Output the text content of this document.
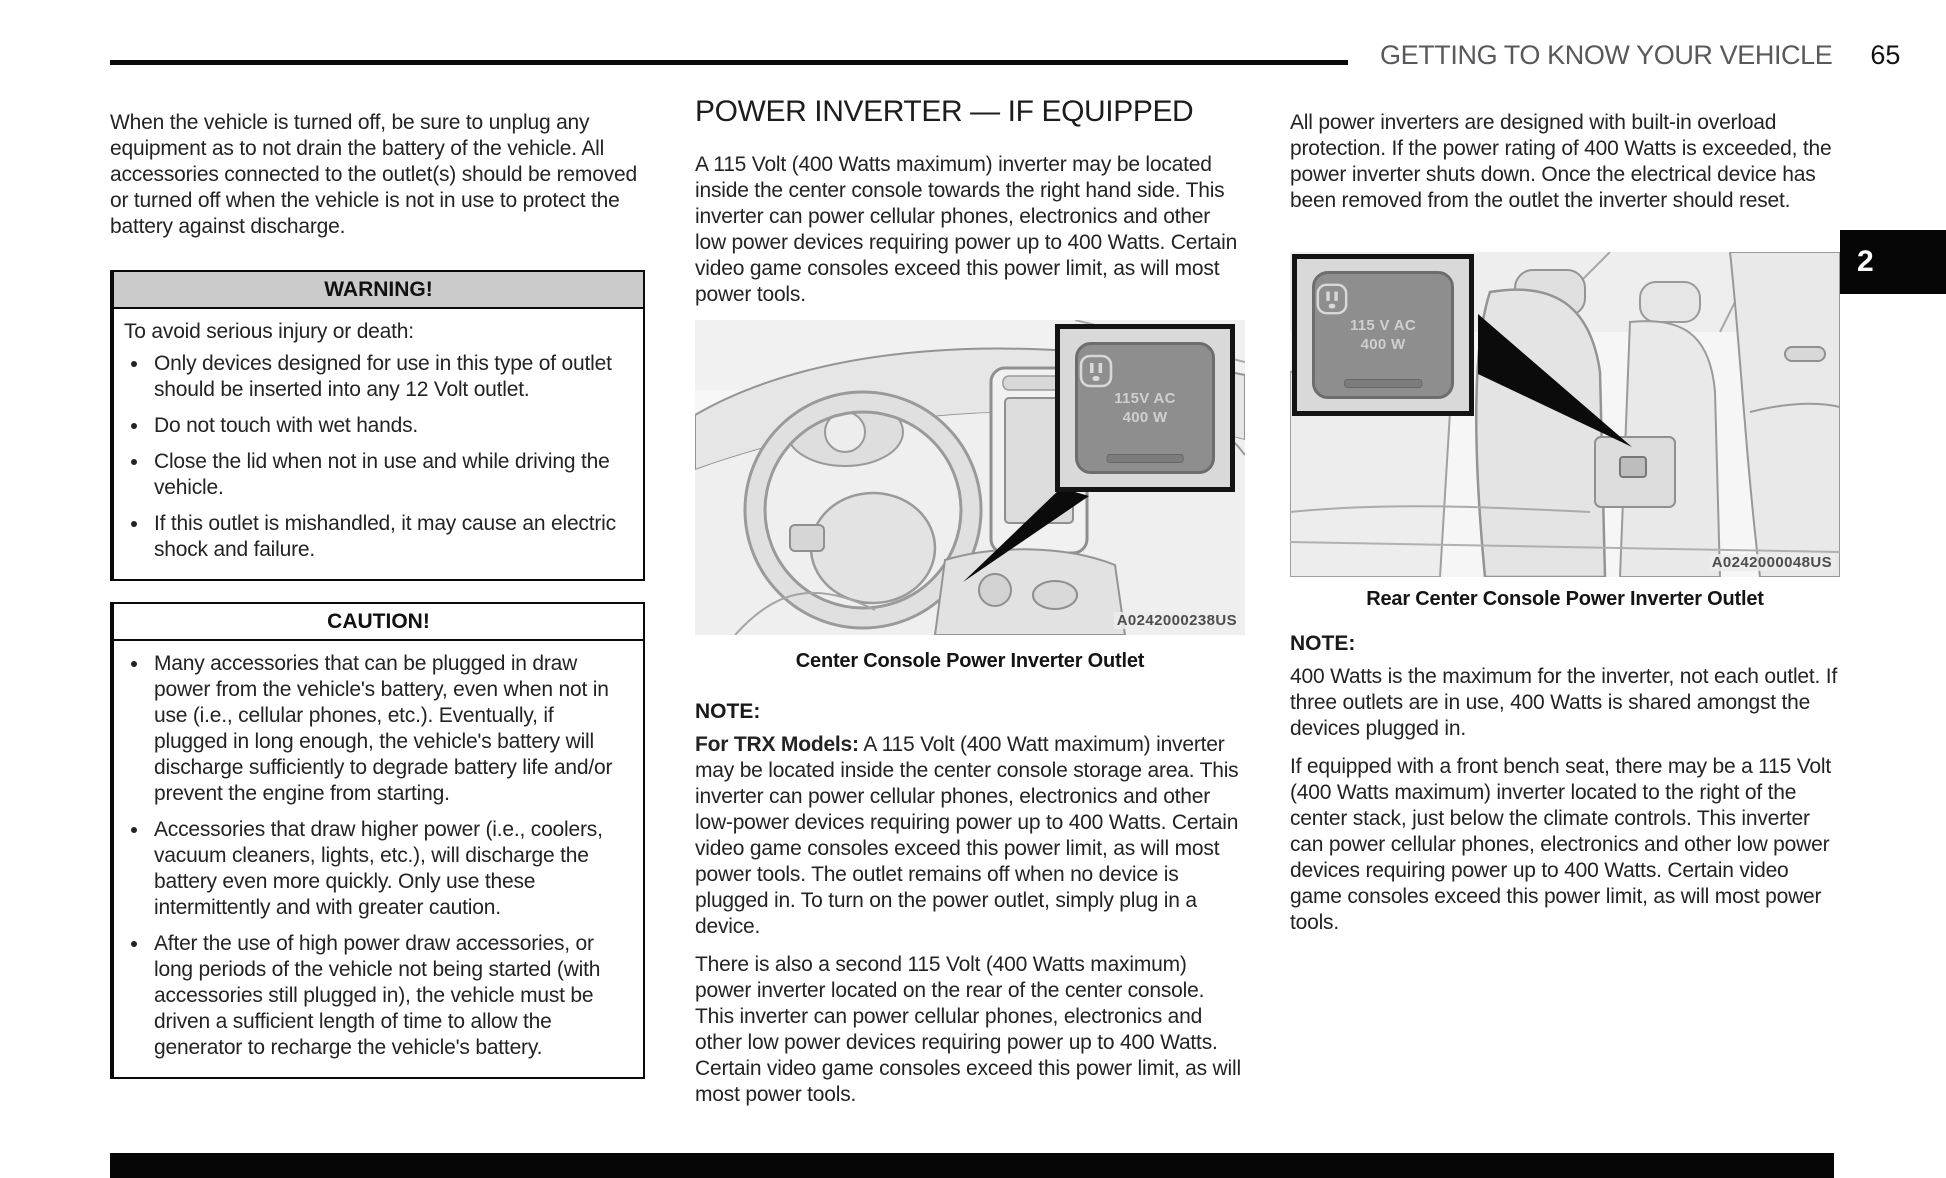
GETTING TO KNOW YOUR VEHICLE 65

When the vehicle is turned off, be sure to unplug any equipment as to not drain the battery of the vehicle. All accessories connected to the outlet(s) should be removed or turned off when the vehicle is not in use to protect the battery against discharge.

WARNING!

To avoid serious injury or death:

• Only devices designed for use in this type of outlet should be inserted into any 12 Volt outlet.
• Do not touch with wet hands.
• Close the lid when not in use and while driving the vehicle.
• If this outlet is mishandled, it may cause an electric shock and failure.
CAUTION!
• Many accessories that can be plugged in draw power from the vehicle's battery, even when not in use (i.e., cellular phones, etc.). Eventually, if plugged in long enough, the vehicle's battery will discharge sufficiently to degrade battery life and/or prevent the engine from starting.
• Accessories that draw higher power (i.e., coolers, vacuum cleaners, lights, etc.), will discharge the battery even more quickly. Only use these intermittently and with greater caution.
• After the use of high power draw accessories, or long periods of the vehicle not being started (with accessories still plugged in), the vehicle must be driven a sufficient length of time to allow the generator to recharge the vehicle's battery.
POWER INVERTER — IF EQUIPPED

A 115 Volt (400 Watts maximum) inverter may be located inside the center console towards the right hand side. This inverter can power cellular phones, electronics and other low power devices requiring power up to 400 Watts. Certain video game consoles exceed this power limit, as will most power tools.

115V AC
400 W
A0242000238US

Center Console Power Inverter Outlet

NOTE:

For TRX Models: A 115 Volt (400 Watt maximum) inverter may be located inside the center console storage area. This inverter can power cellular phones, electronics and other low-power devices requiring power up to 400 Watts. Certain video game consoles exceed this power limit, as will most power tools. The outlet remains off when no device is plugged in. To turn on the power outlet, simply plug in a device.

There is also a second 115 Volt (400 Watts maximum) power inverter located on the rear of the center console. This inverter can power cellular phones, electronics and other low power devices requiring power up to 400 Watts. Certain video game consoles exceed this power limit, as will most power tools.

All power inverters are designed with built-in overload protection. If the power rating of 400 Watts is exceeded, the power inverter shuts down. Once the electrical device has been removed from the outlet the inverter should reset.

115 V AC
400 W
A0242000048US

Rear Center Console Power Inverter Outlet

NOTE:

400 Watts is the maximum for the inverter, not each outlet. If three outlets are in use, 400 Watts is shared amongst the devices plugged in.

If equipped with a front bench seat, there may be a 115 Volt (400 Watts maximum) inverter located to the right of the center stack, just below the climate controls. This inverter can power cellular phones, electronics and other low power devices requiring power up to 400 Watts. Certain video game consoles exceed this power limit, as will most power tools.

2
